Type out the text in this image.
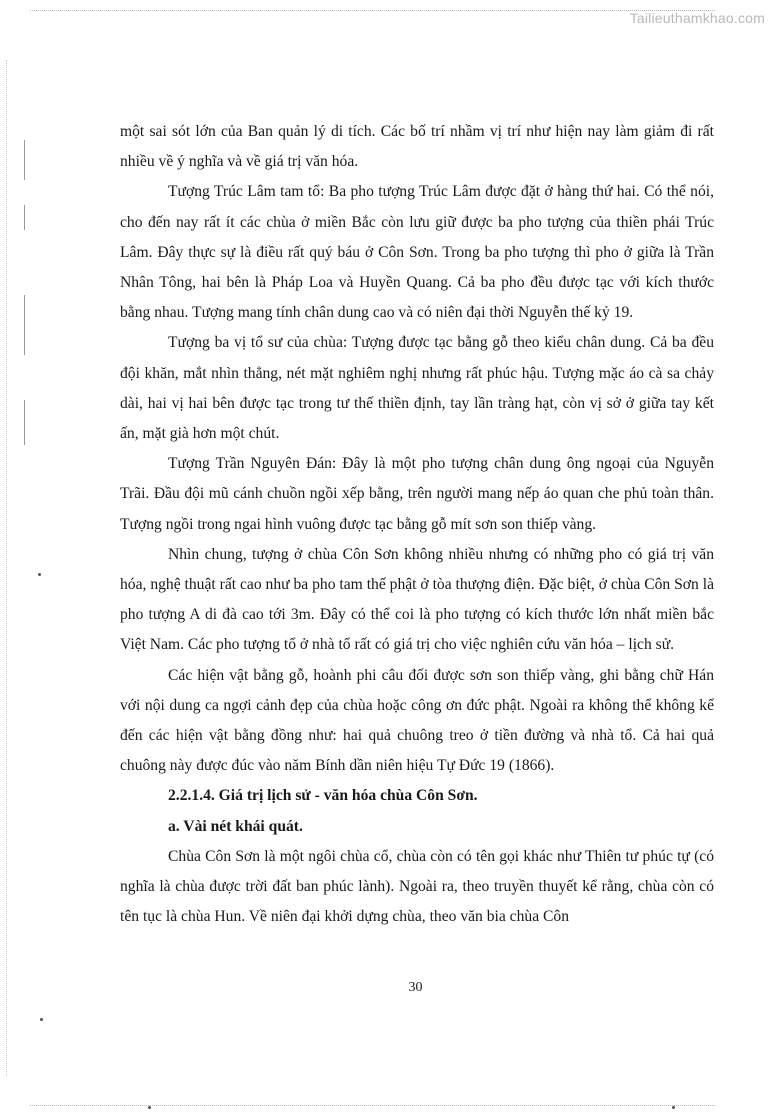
Tailieuthamkhao.com

một sai sót lớn của Ban quản lý di tích. Các bố trí nhầm vị trí như hiện nay làm giảm đi rất nhiều về ý nghĩa và về giá trị văn hóa.

Tượng Trúc Lâm tam tổ: Ba pho tượng Trúc Lâm được đặt ở hàng thứ hai. Có thể nói, cho đến nay rất ít các chùa ở miền Bắc còn lưu giữ được ba pho tượng của thiền phái Trúc Lâm. Đây thực sự là điều rất quý báu ở Côn Sơn. Trong ba pho tượng thì pho ở giữa là Trần Nhân Tông, hai bên là Pháp Loa và Huyền Quang. Cả ba pho đều được tạc với kích thước bằng nhau. Tượng mang tính chân dung cao và có niên đại thời Nguyễn thế kỷ 19.

Tượng ba vị tổ sư của chùa: Tượng được tạc bằng gỗ theo kiểu chân dung. Cả ba đều đội khăn, mắt nhìn thẳng, nét mặt nghiêm nghị nhưng rất phúc hậu. Tượng mặc áo cà sa chảy dài, hai vị hai bên được tạc trong tư thế thiền định, tay lần tràng hạt, còn vị sở ở giữa tay kết ấn, mặt già hơn một chút.

Tượng Trần Nguyên Đán: Đây là một pho tượng chân dung ông ngoại của Nguyễn Trãi. Đầu đội mũ cánh chuồn ngồi xếp bằng, trên người mang nếp áo quan che phủ toàn thân. Tượng ngồi trong ngai hình vuông được tạc bằng gỗ mít sơn son thiếp vàng.

Nhìn chung, tượng ở chùa Côn Sơn không nhiều nhưng có những pho có giá trị văn hóa, nghệ thuật rất cao như ba pho tam thế phật ở tòa thượng điện. Đặc biệt, ở chùa Côn Sơn là pho tượng A di đà cao tới 3m. Đây có thể coi là pho tượng có kích thước lớn nhất miền bắc Việt Nam. Các pho tượng tổ ở nhà tổ rất có giá trị cho việc nghiên cứu văn hóa – lịch sử.

Các hiện vật bằng gỗ, hoành phi câu đối được sơn son thiếp vàng, ghi bằng chữ Hán với nội dung ca ngợi cảnh đẹp của chùa hoặc công ơn đức phật. Ngoài ra không thể không kể đến các hiện vật bằng đồng như: hai quả chuông treo ở tiền đường và nhà tổ. Cả hai quả chuông này được đúc vào năm Bính dần niên hiệu Tự Đức 19 (1866).

2.2.1.4. Giá trị lịch sử - văn hóa chùa Côn Sơn.

a. Vài nét khái quát.

Chùa Côn Sơn là một ngôi chùa cổ, chùa còn có tên gọi khác như Thiên tư phúc tự (có nghĩa là chùa được trời đất ban phúc lành). Ngoài ra, theo truyền thuyết kể rằng, chùa còn có tên tục là chùa Hun. Về niên đại khởi dựng chùa, theo văn bia chùa Côn

30
